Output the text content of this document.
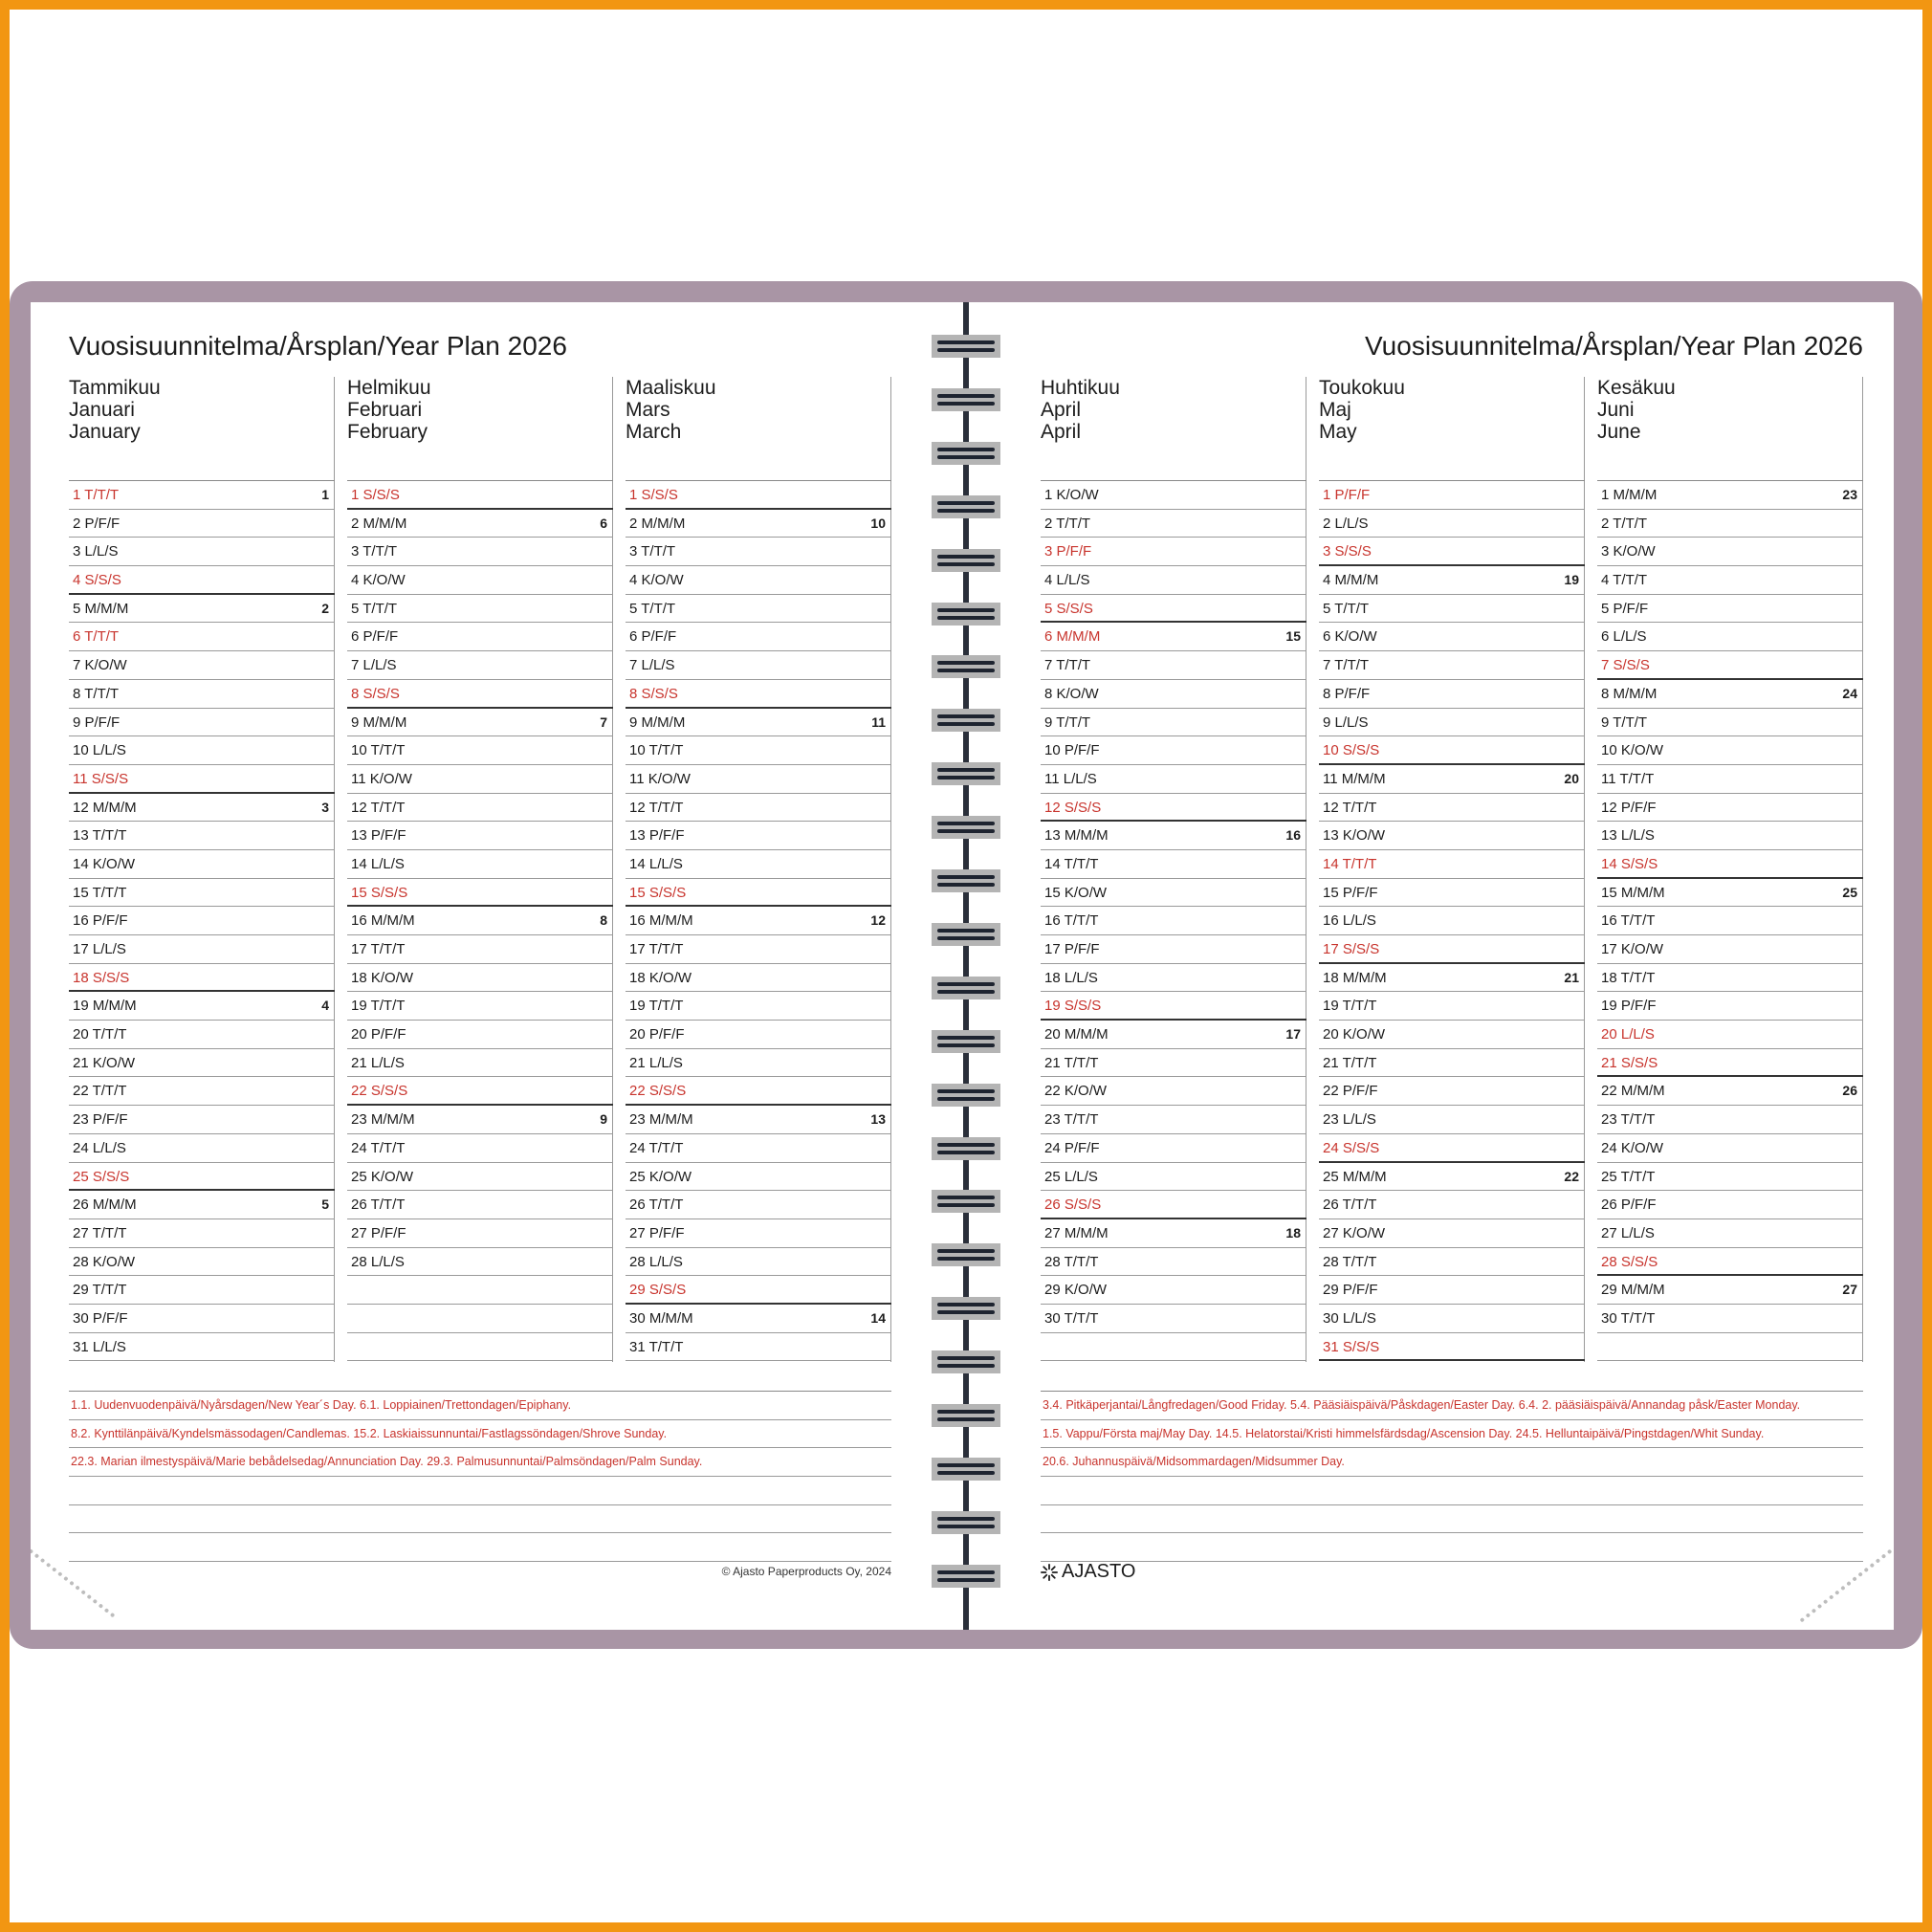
Vuosisuunnitelma/Årsplan/Year Plan 2026
Tammikuu
Januari
January
1 T/T/T	1
2 P/F/F
3 L/L/S
4 S/S/S
5 M/M/M	2
6 T/T/T
7 K/O/W
8 T/T/T
9 P/F/F
10 L/L/S
11 S/S/S
12 M/M/M	3
13 T/T/T
14 K/O/W
15 T/T/T
16 P/F/F
17 L/L/S
18 S/S/S
19 M/M/M	4
20 T/T/T
21 K/O/W
22 T/T/T
23 P/F/F
24 L/L/S
25 S/S/S
26 M/M/M	5
27 T/T/T
28 K/O/W
29 T/T/T
30 P/F/F
31 L/L/S
Helmikuu
Februari
February
1 S/S/S
2 M/M/M	6
3 T/T/T
4 K/O/W
5 T/T/T
6 P/F/F
7 L/L/S
8 S/S/S
9 M/M/M	7
10 T/T/T
11 K/O/W
12 T/T/T
13 P/F/F
14 L/L/S
15 S/S/S
16 M/M/M	8
17 T/T/T
18 K/O/W
19 T/T/T
20 P/F/F
21 L/L/S
22 S/S/S
23 M/M/M	9
24 T/T/T
25 K/O/W
26 T/T/T
27 P/F/F
28 L/L/S
Maaliskuu
Mars
March
1 S/S/S
2 M/M/M	10
3 T/T/T
4 K/O/W
5 T/T/T
6 P/F/F
7 L/L/S
8 S/S/S
9 M/M/M	11
10 T/T/T
11 K/O/W
12 T/T/T
13 P/F/F
14 L/L/S
15 S/S/S
16 M/M/M	12
17 T/T/T
18 K/O/W
19 T/T/T
20 P/F/F
21 L/L/S
22 S/S/S
23 M/M/M	13
24 T/T/T
25 K/O/W
26 T/T/T
27 P/F/F
28 L/L/S
29 S/S/S
30 M/M/M	14
31 T/T/T
1.1. Uudenvuodenpäivä/Nyårsdagen/New Year´s Day. 6.1. Loppiainen/Trettondagen/Epiphany.
8.2. Kynttilänpäivä/Kyndelsmässodagen/Candlemas. 15.2. Laskiaissunnuntai/Fastlagssöndagen/Shrove Sunday.
22.3. Marian ilmestyspäivä/Marie bebådelsedag/Annunciation Day. 29.3. Palmusunnuntai/Palmsöndagen/Palm Sunday.
© Ajasto Paperproducts Oy, 2024
Vuosisuunnitelma/Årsplan/Year Plan 2026
Huhtikuu
April
April
1 K/O/W
2 T/T/T
3 P/F/F
4 L/L/S
5 S/S/S
6 M/M/M	15
7 T/T/T
8 K/O/W
9 T/T/T
10 P/F/F
11 L/L/S
12 S/S/S
13 M/M/M	16
14 T/T/T
15 K/O/W
16 T/T/T
17 P/F/F
18 L/L/S
19 S/S/S
20 M/M/M	17
21 T/T/T
22 K/O/W
23 T/T/T
24 P/F/F
25 L/L/S
26 S/S/S
27 M/M/M	18
28 T/T/T
29 K/O/W
30 T/T/T
Toukokuu
Maj
May
1 P/F/F
2 L/L/S
3 S/S/S
4 M/M/M	19
5 T/T/T
6 K/O/W
7 T/T/T
8 P/F/F
9 L/L/S
10 S/S/S
11 M/M/M	20
12 T/T/T
13 K/O/W
14 T/T/T
15 P/F/F
16 L/L/S
17 S/S/S
18 M/M/M	21
19 T/T/T
20 K/O/W
21 T/T/T
22 P/F/F
23 L/L/S
24 S/S/S
25 M/M/M	22
26 T/T/T
27 K/O/W
28 T/T/T
29 P/F/F
30 L/L/S
31 S/S/S
Kesäkuu
Juni
June
1 M/M/M	23
2 T/T/T
3 K/O/W
4 T/T/T
5 P/F/F
6 L/L/S
7 S/S/S
8 M/M/M	24
9 T/T/T
10 K/O/W
11 T/T/T
12 P/F/F
13 L/L/S
14 S/S/S
15 M/M/M	25
16 T/T/T
17 K/O/W
18 T/T/T
19 P/F/F
20 L/L/S
21 S/S/S
22 M/M/M	26
23 T/T/T
24 K/O/W
25 T/T/T
26 P/F/F
27 L/L/S
28 S/S/S
29 M/M/M	27
30 T/T/T
3.4. Pitkäperjantai/Långfredagen/Good Friday. 5.4. Pääsiäispäivä/Påskdagen/Easter Day. 6.4. 2. pääsiäispäivä/Annandag påsk/Easter Monday.
1.5. Vappu/Första maj/May Day. 14.5. Helatorstai/Kristi himmelsfärdsdag/Ascension Day. 24.5. Helluntaipäivä/Pingstdagen/Whit Sunday.
20.6. Juhannuspäivä/Midsommardagen/Midsummer Day.
AJASTO
